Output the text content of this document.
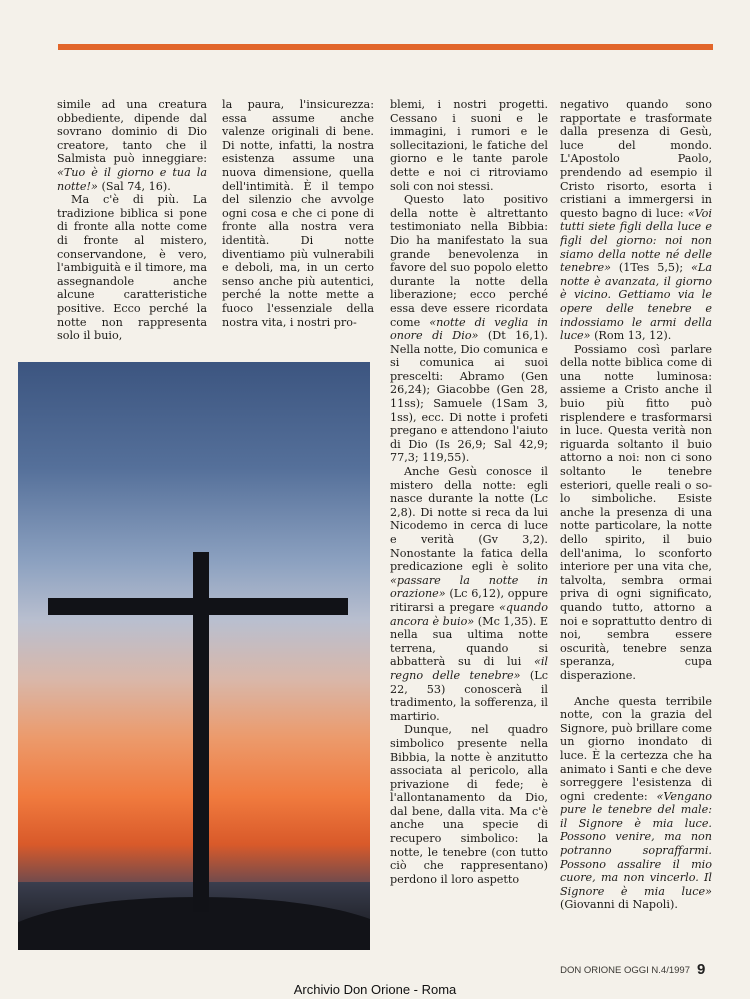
simile ad una creatura obbediente, dipende dal sovrano dominio di Dio creatore, tanto che il Salmista può inneggiare: «Tuo è il giorno e tua la notte!» (Sal 74, 16).

Ma c'è di più. La tradizione biblica si pone di fronte alla notte come di fronte al mistero, conservandone, è vero, l'ambiguità e il timore, ma assegnandole anche alcune caratteristiche positive. Ecco perché la notte non rappresenta solo il buio,

la paura, l'insicurezza: essa assume anche valenze originali di bene. Di notte, infatti, la nostra esistenza assume una nuova dimensione, quella dell'intimità. È il tempo del silenzio che avvolge ogni cosa e che ci pone di fronte alla nostra vera identità. Di notte diventiamo più vulnerabili e deboli, ma, in un certo senso anche più autentici, perché la notte mette a fuoco l'essenziale della nostra vita, i nostri pro-

blemi, i nostri progetti. Cessano i suoni e le immagini, i rumori e le sollecitazioni, le fatiche del giorno e le tante parole dette e noi ci ritroviamo soli con noi stessi.

Questo lato positivo della notte è altrettanto testimoniato nella Bibbia: Dio ha manifestato la sua grande benevolenza in favore del suo popolo eletto durante la notte della liberazione; ecco perché essa deve essere ricordata come «notte di veglia in onore di Dio» (Dt 16,1). Nella notte, Dio comunica e si comunica ai suoi prescelti: Abramo (Gen 26,24); Giacobbe (Gen 28, 11ss); Samuele (1Sam 3, 1ss), ecc. Di notte i profeti pregano e attendono l'aiuto di Dio (Is 26,9; Sal 42,9; 77,3; 119,55).

Anche Gesù conosce il mistero della notte: egli nasce durante la notte (Lc 2,8). Di notte si reca da lui Nicodemo in cerca di luce e verità (Gv 3,2). Nonostante la fatica della predicazione egli è solito «passare la notte in orazione» (Lc 6,12), oppure ritirarsi a pregare «quando ancora è buio» (Mc 1,35). E nella sua ultima notte terrena, quando si abbatterà su di lui «il regno delle tenebre» (Lc 22, 53) conoscerà il tradimento, la sofferenza, il martirio.

Dunque, nel quadro simbolico presente nella Bibbia, la notte è anzitutto associata al pericolo, alla privazione di fede; è l'allontanamento da Dio, dal bene, dalla vita. Ma c'è anche una specie di recupero simbolico: la notte, le tenebre (con tutto ciò che rappresentano) perdono il loro aspetto

negativo quando sono rapportate e trasformate dalla presenza di Gesù, luce del mondo. L'Apostolo Paolo, prendendo ad esempio il Cristo risorto, esorta i cristiani a immergersi in questo bagno di luce: «Voi tutti siete figli della luce e figli del giorno: noi non siamo della notte né delle tenebre» (1Tes 5,5); «La notte è avanzata, il giorno è vicino. Gettiamo via le opere delle tenebre e indossiamo le armi della luce» (Rom 13, 12).

Possiamo così parlare della notte biblica come di una notte luminosa: assieme a Cristo anche il buio più fitto può risplendere e trasformarsi in luce. Questa verità non riguarda soltanto il buio attorno a noi: non ci sono soltanto le tenebre esteriori, quelle reali o so-lo simboliche. Esiste anche la presenza di una notte particolare, la notte dello spirito, il buio dell'anima, lo sconforto interiore per una vita che, talvolta, sembra ormai priva di ogni significato, quando tutto, attorno a noi e soprattutto dentro di noi, sembra essere oscurità, tenebre senza speranza, cupa disperazione.

Anche questa terribile notte, con la grazia del Signore, può brillare come un giorno inondato di luce. È la certezza che ha animato i Santi e che deve sorreggere l'esistenza di ogni credente: «Vengano pure le tenebre del male: il Signore è mia luce. Possono venire, ma non potranno sopraffarmi. Possono assalire il mio cuore, ma non vincerlo. Il Signore è mia luce» (Giovanni di Napoli).

DON ORIONE OGGI N.4/1997 9
Archivio Don Orione - Roma
